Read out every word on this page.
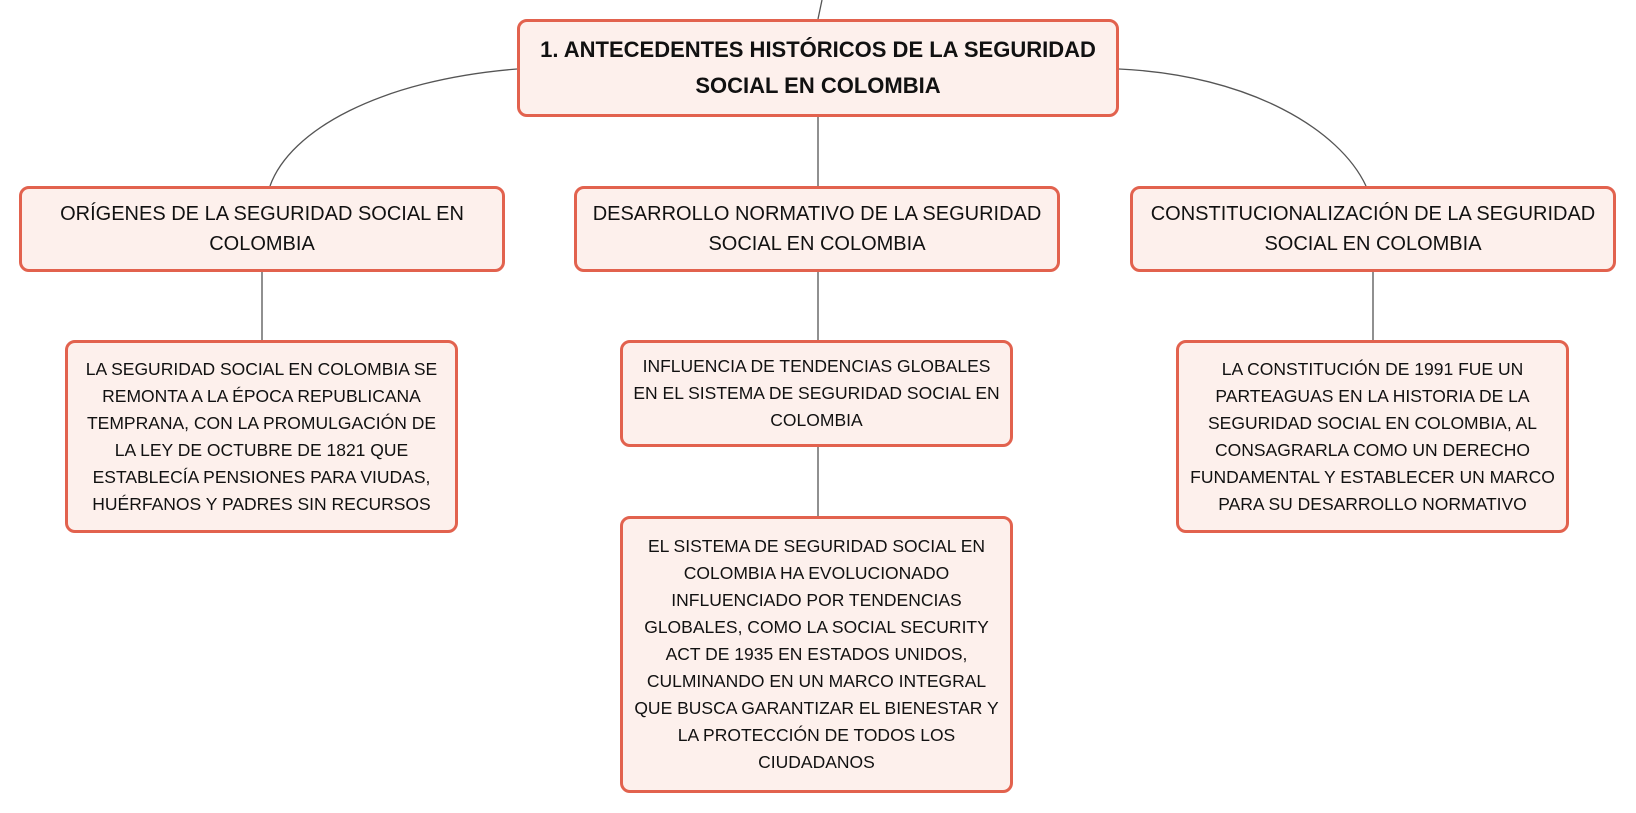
1. ANTECEDENTES HISTÓRICOS DE LA SEGURIDAD SOCIAL EN COLOMBIA
ORÍGENES DE LA SEGURIDAD SOCIAL EN COLOMBIA
DESARROLLO NORMATIVO DE LA SEGURIDAD SOCIAL EN COLOMBIA
CONSTITUCIONALIZACIÓN DE LA SEGURIDAD SOCIAL EN COLOMBIA
LA SEGURIDAD SOCIAL EN COLOMBIA SE REMONTA A LA ÉPOCA REPUBLICANA TEMPRANA, CON LA PROMULGACIÓN DE LA LEY DE OCTUBRE DE 1821 QUE ESTABLECÍA PENSIONES PARA VIUDAS, HUÉRFANOS Y PADRES SIN RECURSOS
INFLUENCIA DE TENDENCIAS GLOBALES EN EL SISTEMA DE SEGURIDAD SOCIAL EN COLOMBIA
EL SISTEMA DE SEGURIDAD SOCIAL EN COLOMBIA HA EVOLUCIONADO INFLUENCIADO POR TENDENCIAS GLOBALES, COMO LA SOCIAL SECURITY ACT DE 1935 EN ESTADOS UNIDOS, CULMINANDO EN UN MARCO INTEGRAL QUE BUSCA GARANTIZAR EL BIENESTAR Y LA PROTECCIÓN DE TODOS LOS CIUDADANOS
LA CONSTITUCIÓN DE 1991 FUE UN PARTEAGUAS EN LA HISTORIA DE LA SEGURIDAD SOCIAL EN COLOMBIA, AL CONSAGRARLA COMO UN DERECHO FUNDAMENTAL Y ESTABLECER UN MARCO PARA SU DESARROLLO NORMATIVO
